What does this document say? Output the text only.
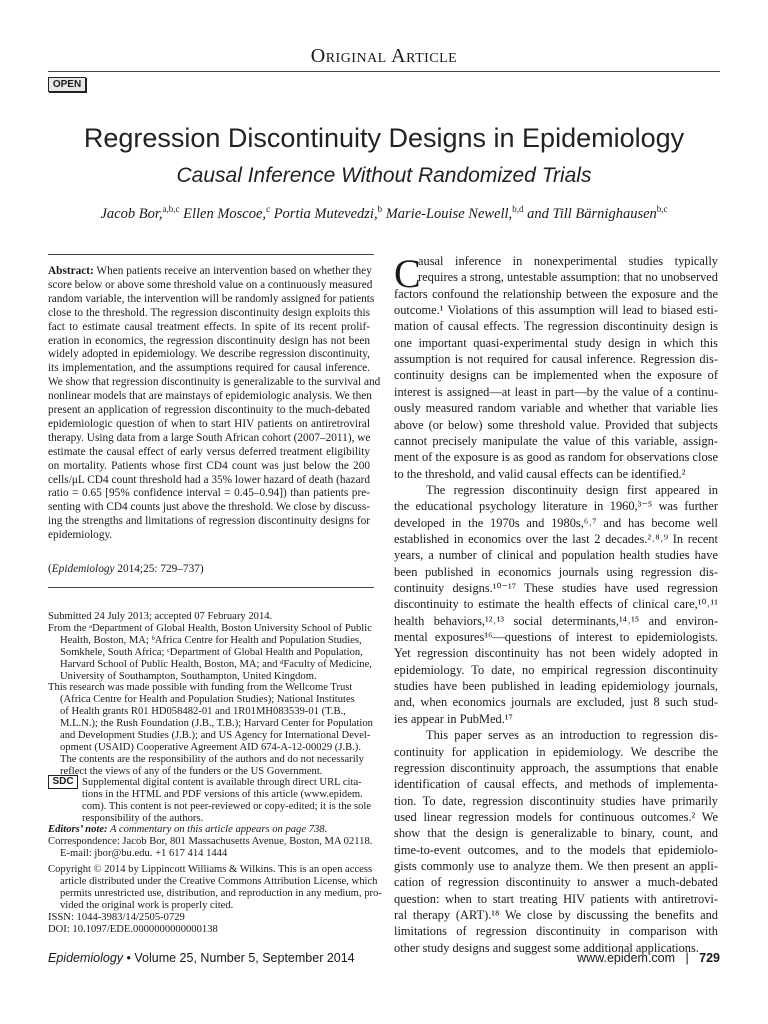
Original Article
OPEN
Regression Discontinuity Designs in Epidemiology
Causal Inference Without Randomized Trials
Jacob Bor,$^{a,b,c}$ Ellen Moscoe,$^c$ Portia Mutevedzi,$^b$ Marie-Louise Newell,$^{b,d}$ and Till Bärnighausen$^{b,c}$
Abstract: When patients receive an intervention based on whether they
score below or above some threshold value on a continuously measured
random variable, the intervention will be randomly assigned for patients
close to the threshold. The regression discontinuity design exploits this
fact to estimate causal treatment effects. In spite of its recent prolif-
eration in economics, the regression discontinuity design has not been
widely adopted in epidemiology. We describe regression discontinuity,
its implementation, and the assumptions required for causal inference.
We show that regression discontinuity is generalizable to the survival and
nonlinear models that are mainstays of epidemiologic analysis. We then
present an application of regression discontinuity to the much-debated
epidemiologic question of when to start HIV patients on antiretroviral
therapy. Using data from a large South African cohort (2007–2011), we
estimate the causal effect of early versus deferred treatment eligibility
on mortality. Patients whose first CD4 count was just below the 200
cells/μL CD4 count threshold had a 35% lower hazard of death (hazard
ratio = 0.65 [95% confidence interval = 0.45–0.94]) than patients pre-
senting with CD4 counts just above the threshold. We close by discuss-
ing the strengths and limitations of regression discontinuity designs for
epidemiology.
(Epidemiology 2014;25: 729–737)
Submitted 24 July 2013; accepted 07 February 2014.
From the ᵃDepartment of Global Health, Boston University School of Public
Health, Boston, MA; ᵇAfrica Centre for Health and Population Studies,
Somkhele, South Africa; ᶜDepartment of Global Health and Population,
Harvard School of Public Health, Boston, MA; and ᵈFaculty of Medicine,
University of Southampton, Southampton, United Kingdom.
This research was made possible with funding from the Wellcome Trust
(Africa Centre for Health and Population Studies); National Institutes
of Health grants R01 HD058482-01 and 1R01MH083539-01 (T.B.,
M.L.N.); the Rush Foundation (J.B., T.B.); Harvard Center for Population
and Development Studies (J.B.); and US Agency for International Devel-
opment (USAID) Cooperative Agreement AID 674-A-12-00029 (J.B.).
The contents are the responsibility of the authors and do not necessarily
reflect the views of any of the funders or the US Government.
Supplemental digital content is available through direct URL cita-
tions in the HTML and PDF versions of this article (www.epidem.
com). This content is not peer-reviewed or copy-edited; it is the sole
responsibility of the authors.
Editors’ note: A commentary on this article appears on page 738.
Correspondence: Jacob Bor, 801 Massachusetts Avenue, Boston, MA 02118.
E-mail: jbor@bu.edu. +1 617 414 1444
Copyright © 2014 by Lippincott Williams & Wilkins. This is an open access
article distributed under the Creative Commons Attribution License, which
permits unrestricted use, distribution, and reproduction in any medium, pro-
vided the original work is properly cited.
ISSN: 1044-3983/14/2505-0729
DOI: 10.1097/EDE.0000000000000138
SDC
C
ausal inference in nonexperimental studies typically
requires a strong, untestable assumption: that no unobserved
factors confound the relationship between the exposure and the
outcome.¹ Violations of this assumption will lead to biased esti-
mation of causal effects. The regression discontinuity design is
one important quasi-experimental study design in which this
assumption is not required for causal inference. Regression dis-
continuity designs can be implemented when the exposure of
interest is assigned—at least in part—by the value of a continu-
ously measured random variable and whether that variable lies
above (or below) some threshold value. Provided that subjects
cannot precisely manipulate the value of this variable, assign-
ment of the exposure is as good as random for observations close
to the threshold, and valid causal effects can be identified.²
The regression discontinuity design first appeared in
the educational psychology literature in 1960,³⁻⁵ was further
developed in the 1970s and 1980s,⁶˒⁷ and has become well
established in economics over the last 2 decades.²˒⁸˒⁹ In recent
years, a number of clinical and population health studies have
been published in economics journals using regression dis-
continuity designs.¹⁰⁻¹⁷ These studies have used regression
discontinuity to estimate the health effects of clinical care,¹⁰˒¹¹
health behaviors,¹²˒¹³ social determinants,¹⁴˒¹⁵ and environ-
mental exposures¹⁶—questions of interest to epidemiologists.
Yet regression discontinuity has not been widely adopted in
epidemiology. To date, no empirical regression discontinuity
studies have been published in leading epidemiology journals,
and, when economics journals are excluded, just 8 such stud-
ies appear in PubMed.¹⁷
This paper serves as an introduction to regression dis-
continuity for application in epidemiology. We describe the
regression discontinuity approach, the assumptions that enable
identification of causal effects, and methods of implementa-
tion. To date, regression discontinuity studies have primarily
used linear regression models for continuous outcomes.² We
show that the design is generalizable to binary, count, and
time-to-event outcomes, and to the models that epidemiolo-
gists commonly use to analyze them. We then present an appli-
cation of regression discontinuity to answer a much-debated
question: when to start treating HIV patients with antiretrovi-
ral therapy (ART).¹⁸ We close by discussing the benefits and
limitations of regression discontinuity in comparison with
other study designs and suggest some additional applications.
Epidemiology • Volume 25, Number 5, September 2014	www.epidem.com | 729
